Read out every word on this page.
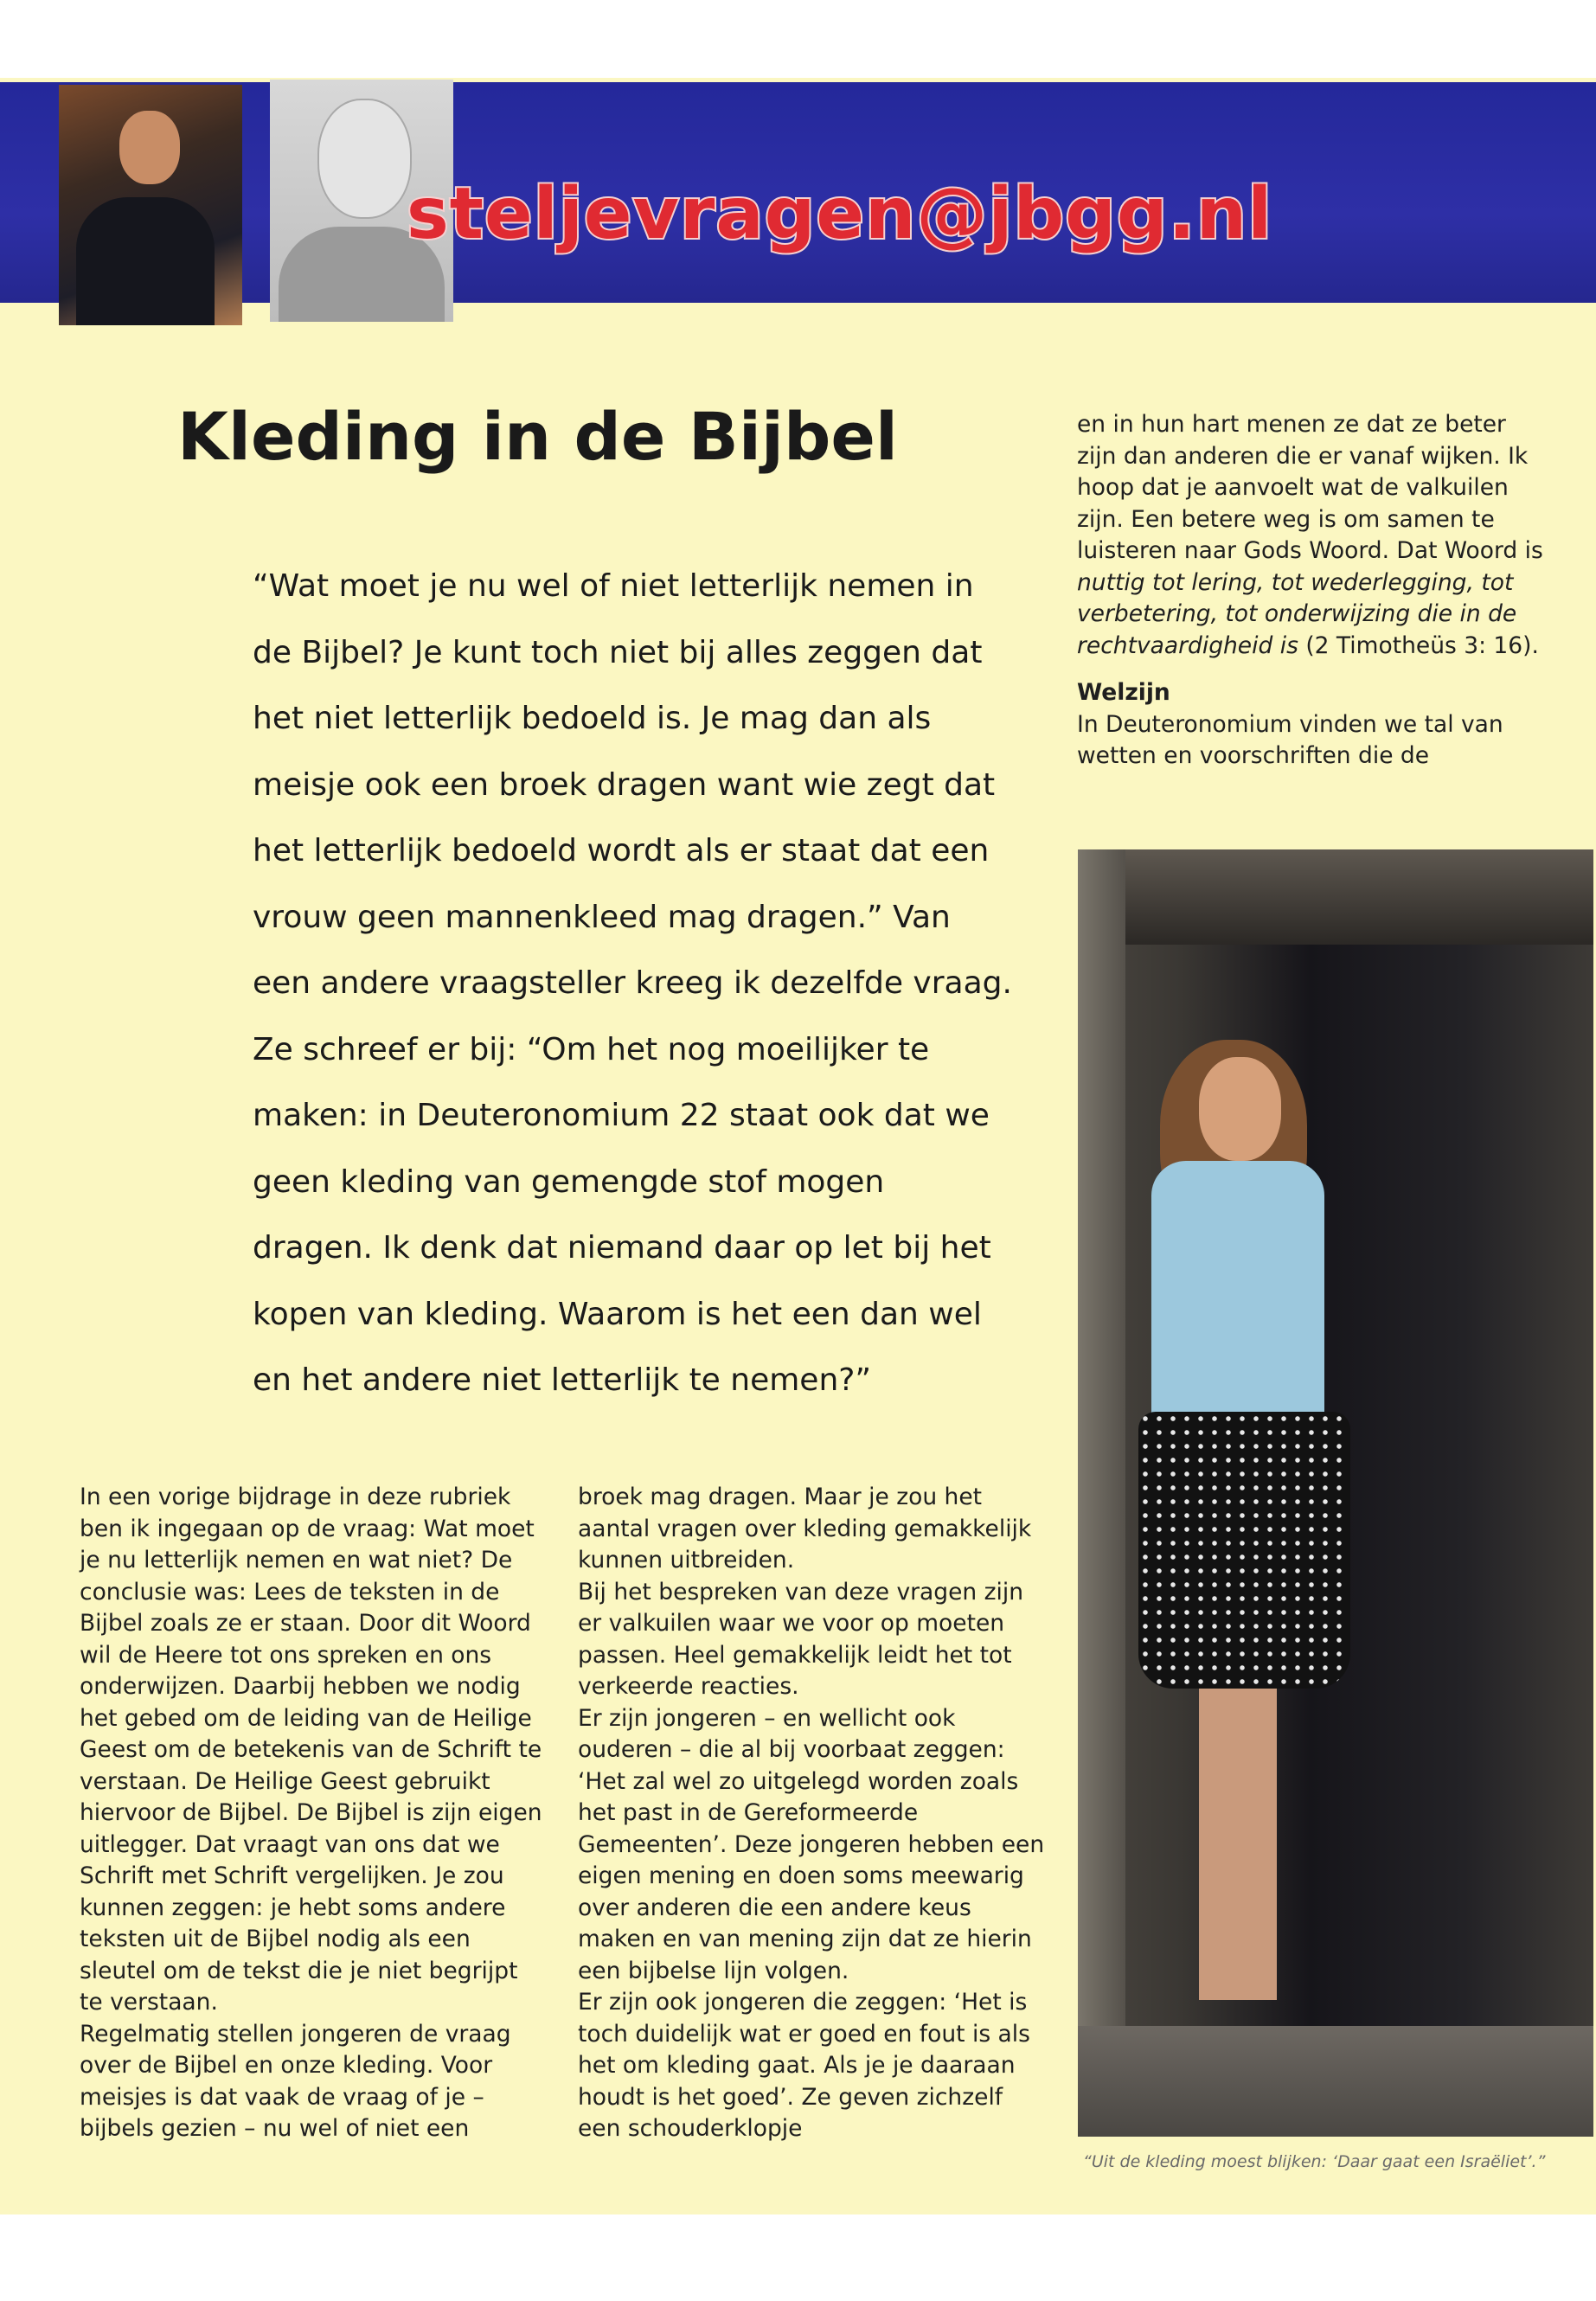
steljevragen@jbgg.nl
Kleding in de Bijbel

“Wat moet je nu wel of niet letterlijk nemen in de Bijbel? Je kunt toch niet bij alles zeggen dat het niet letterlijk bedoeld is. Je mag dan als meisje ook een broek dragen want wie zegt dat het letterlijk bedoeld wordt als er staat dat een vrouw geen mannenkleed mag dragen.” Van een andere vraagsteller kreeg ik dezelfde vraag. Ze schreef er bij: “Om het nog moeilijker te maken: in Deuteronomium 22 staat ook dat we geen kleding van gemengde stof mogen dragen. Ik denk dat niemand daar op let bij het kopen van kleding. Waarom is het een dan wel en het andere niet letterlijk te nemen?”

In een vorige bijdrage in deze rubriek ben ik ingegaan op de vraag: Wat moet je nu letterlijk nemen en wat niet? De conclusie was: Lees de teksten in de Bijbel zoals ze er staan. Door dit Woord wil de Heere tot ons spreken en ons onderwijzen. Daarbij hebben we nodig het gebed om de leiding van de Heilige Geest om de betekenis van de Schrift te verstaan. De Heilige Geest gebruikt hiervoor de Bijbel. De Bijbel is zijn eigen uitlegger. Dat vraagt van ons dat we Schrift met Schrift vergelijken. Je zou kunnen zeggen: je hebt soms andere teksten uit de Bijbel nodig als een sleutel om de tekst die je niet begrijpt te verstaan.

Regelmatig stellen jongeren de vraag over de Bijbel en onze kleding. Voor meisjes is dat vaak de vraag of je – bijbels gezien – nu wel of niet een

broek mag dragen. Maar je zou het aantal vragen over kleding gemakkelijk kunnen uitbreiden.

Bij het bespreken van deze vragen zijn er valkuilen waar we voor op moeten passen. Heel gemakkelijk leidt het tot verkeerde reacties.

Er zijn jongeren – en wellicht ook ouderen – die al bij voorbaat zeggen: ‘Het zal wel zo uitgelegd worden zoals het past in de Gereformeerde Gemeenten’. Deze jongeren hebben een eigen mening en doen soms meewarig over anderen die een andere keus maken en van mening zijn dat ze hierin een bijbelse lijn volgen.

Er zijn ook jongeren die zeggen: ‘Het is toch duidelijk wat er goed en fout is als het om kleding gaat. Als je je daaraan houdt is het goed’. Ze geven zichzelf een schouderklopje

en in hun hart menen ze dat ze beter zijn dan anderen die er vanaf wijken. Ik hoop dat je aanvoelt wat de valkuilen zijn. Een betere weg is om samen te luisteren naar Gods Woord. Dat Woord is nuttig tot lering, tot wederlegging, tot verbetering, tot onderwijzing die in de rechtvaardigheid is (2 Timotheüs 3: 16).

Welzijn

In Deuteronomium vinden we tal van wetten en voorschriften die de

“Uit de kleding moest blijken: ‘Daar gaat een Israëliet’.”
